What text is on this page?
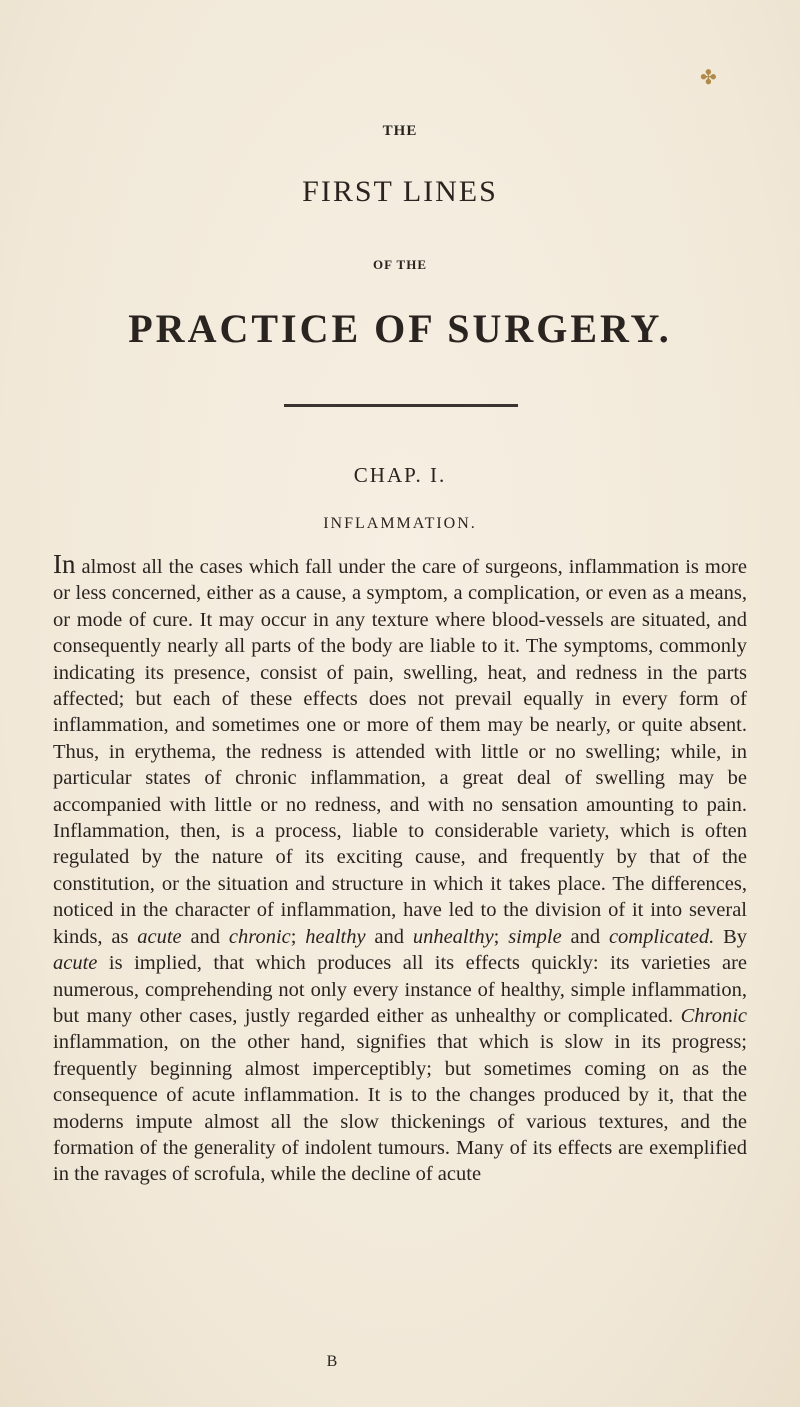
✤
THE
FIRST LINES
OF THE
PRACTICE OF SURGERY.
CHAP. I.
INFLAMMATION.

In almost all the cases which fall under the care of surgeons, inflammation is more or less concerned, either as a cause, a symptom, a complication, or even as a means, or mode of cure. It may occur in any texture where blood-vessels are situated, and consequently nearly all parts of the body are liable to it. The symptoms, commonly indicating its presence, consist of pain, swelling, heat, and redness in the parts affected; but each of these effects does not prevail equally in every form of inflammation, and sometimes one or more of them may be nearly, or quite absent. Thus, in erythema, the redness is attended with little or no swelling; while, in particular states of chronic inflammation, a great deal of swelling may be accompanied with little or no redness, and with no sensation amounting to pain. Inflammation, then, is a process, liable to considerable variety, which is often regulated by the nature of its exciting cause, and frequently by that of the constitution, or the situation and structure in which it takes place. The differences, noticed in the character of inflammation, have led to the division of it into several kinds, as acute and chronic; healthy and unhealthy; simple and complicated. By acute is implied, that which produces all its effects quickly: its varieties are numerous, comprehending not only every instance of healthy, simple inflammation, but many other cases, justly regarded either as unhealthy or complicated. Chronic inflammation, on the other hand, signifies that which is slow in its progress; frequently beginning almost imperceptibly; but sometimes coming on as the consequence of acute inflammation. It is to the changes produced by it, that the moderns impute almost all the slow thickenings of various textures, and the formation of the generality of indolent tumours. Many of its effects are exemplified in the ravages of scrofula, while the decline of acute

B
